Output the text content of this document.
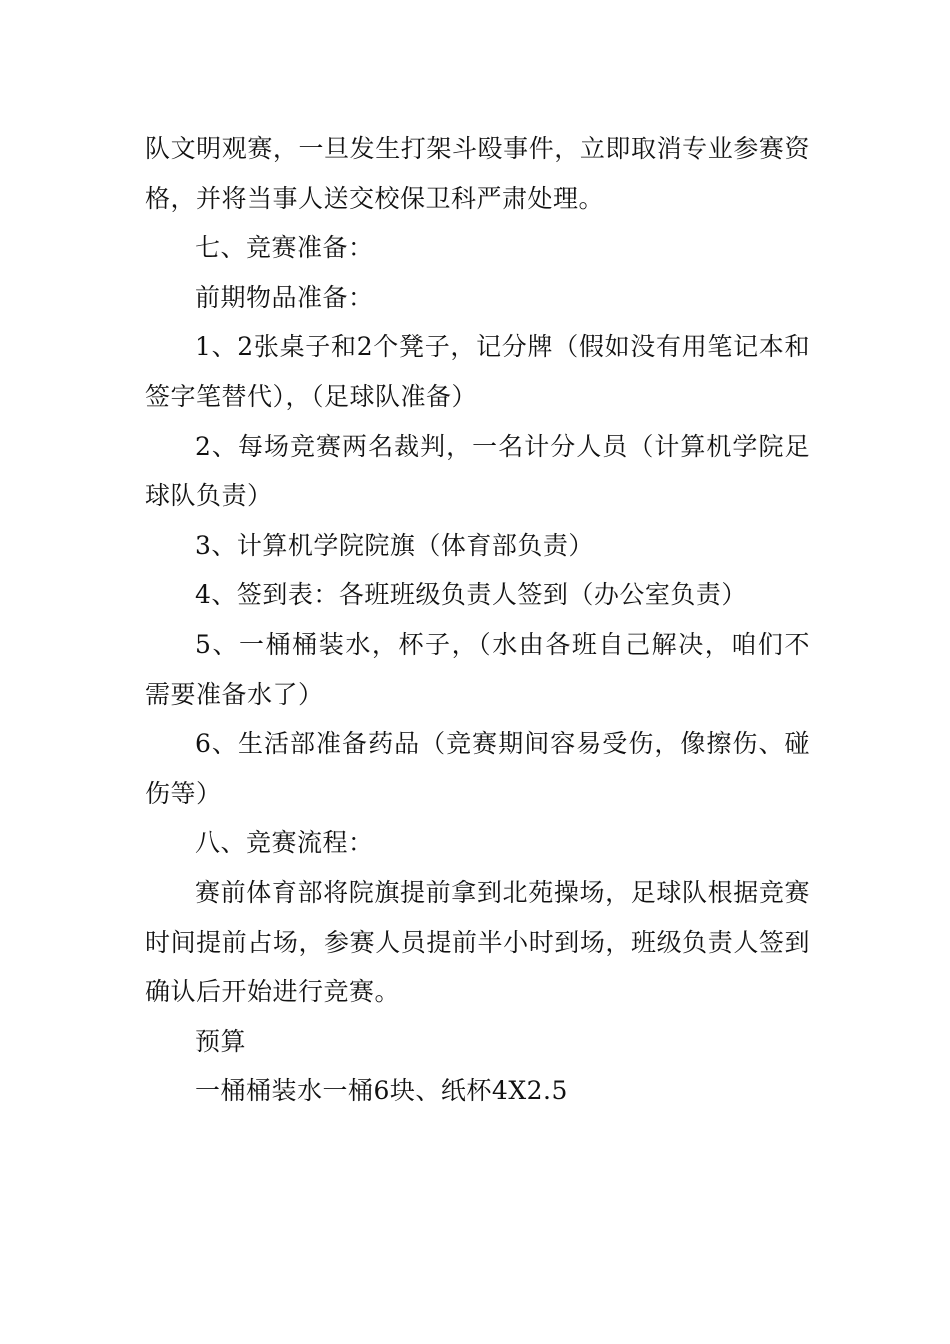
队文明观赛，一旦发生打架斗殴事件，立即取消专业参赛资格，并将当事人送交校保卫科严肃处理。

七、竞赛准备：

前期物品准备：

1、2张桌子和2个凳子，记分牌（假如没有用笔记本和签字笔替代），（足球队准备）

2、每场竞赛两名裁判，一名计分人员（计算机学院足球队负责）

3、计算机学院院旗（体育部负责）

4、签到表：各班班级负责人签到（办公室负责）

5、一桶桶装水，杯子，（水由各班自己解决，咱们不需要准备水了）

6、生活部准备药品（竞赛期间容易受伤，像擦伤、碰伤等）

八、竞赛流程：

赛前体育部将院旗提前拿到北苑操场，足球队根据竞赛时间提前占场，参赛人员提前半小时到场，班级负责人签到确认后开始进行竞赛。

预算

一桶桶装水一桶6块、纸杯4X2.5
